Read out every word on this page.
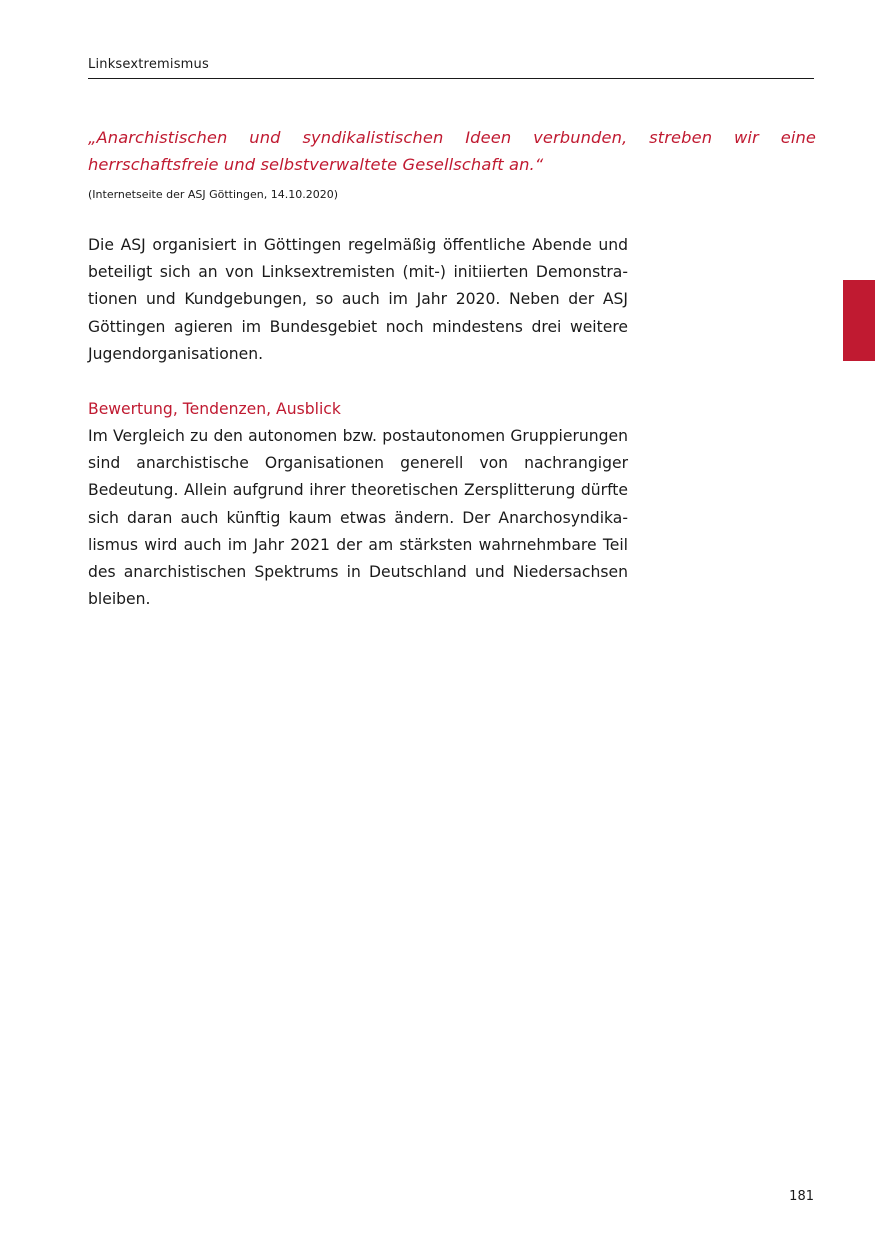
Linksextremismus

„Anarchistischen und syndikalistischen Ideen verbunden, streben wir eine herrschaftsfreie und selbstverwaltete Gesellschaft an.“

(Internetseite der ASJ Göttingen, 14.10.2020)

Die ASJ organisiert in Göttingen regelmäßig öffentliche Abende und beteiligt sich an von Linksextremisten (mit-) initiierten Demonstrationen und Kundgebungen, so auch im Jahr 2020. Neben der ASJ Göttingen agieren im Bundesgebiet noch mindestens drei weitere Jugendorganisationen.

Bewertung, Tendenzen, Ausblick

Im Vergleich zu den autonomen bzw. postautonomen Gruppierungen sind anarchistische Organisationen generell von nachrangiger Bedeutung. Allein aufgrund ihrer theoretischen Zersplitterung dürfte sich daran auch künftig kaum etwas ändern. Der Anarchosyndikalismus wird auch im Jahr 2021 der am stärksten wahrnehmbare Teil des anarchistischen Spektrums in Deutschland und Niedersachsen bleiben.

181
